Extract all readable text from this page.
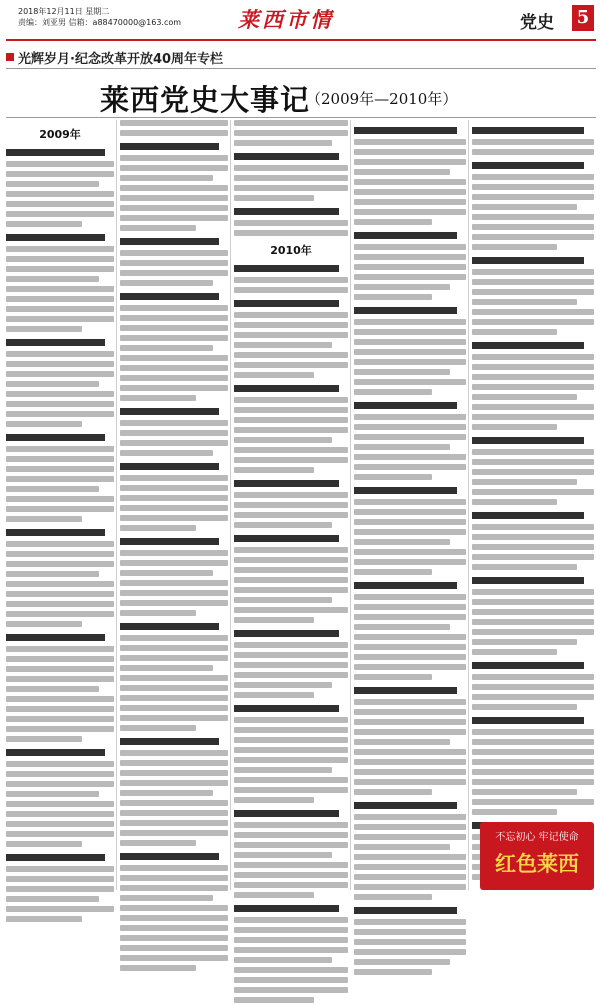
2018年12月11日 星期二
责编：刘亚男 信箱：a88470000@163.com	莱西市情	党史 5
光辉岁月·纪念改革开放40周年专栏
莱西党史大事记
（2009年—2010年）
2009年
2010年
不忘初心 牢记使命
红色莱西
